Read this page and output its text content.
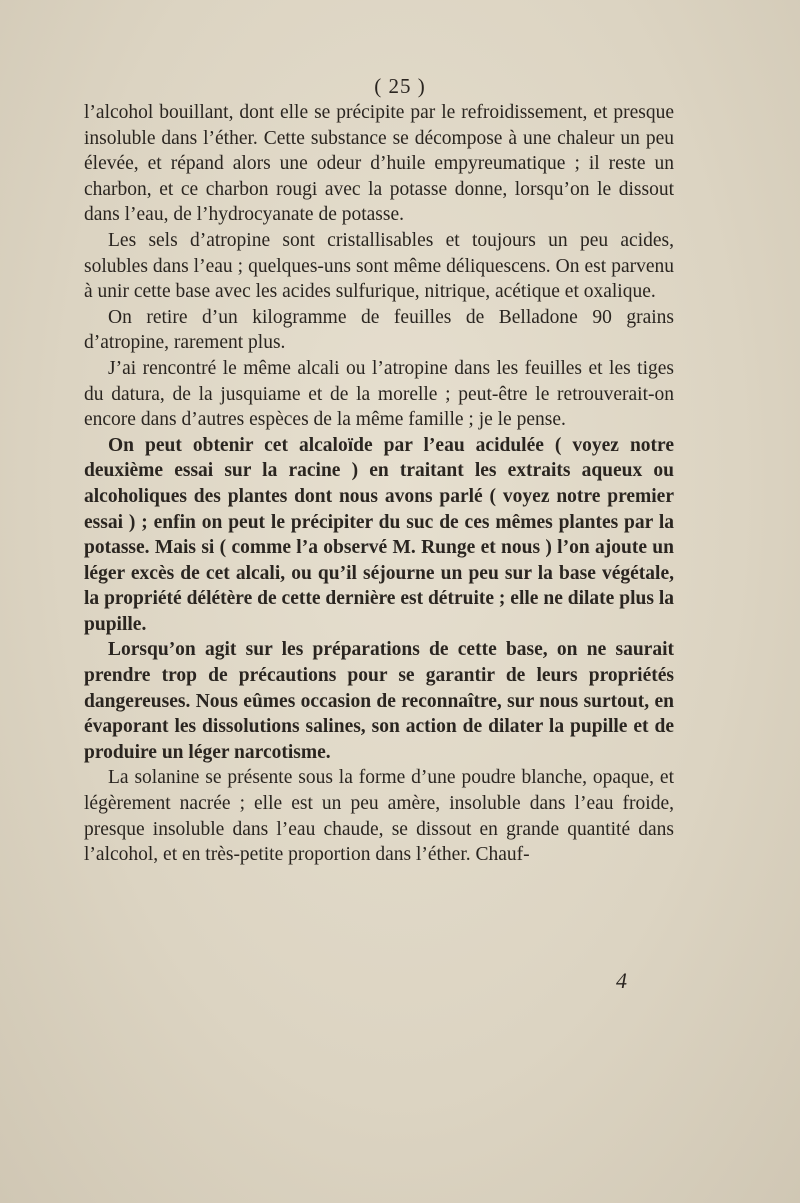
( 25 )

l’alcohol bouillant, dont elle se précipite par le refroidissement, et presque insoluble dans l’éther. Cette substance se décompose à une chaleur un peu élevée, et répand alors une odeur d’huile empyreumatique ; il reste un charbon, et ce charbon rougi avec la potasse donne, lorsqu’on le dissout dans l’eau, de l’hydrocyanate de potasse.

Les sels d’atropine sont cristallisables et toujours un peu acides, solubles dans l’eau ; quelques-uns sont même déliquescens. On est parvenu à unir cette base avec les acides sulfurique, nitrique, acétique et oxalique.

On retire d’un kilogramme de feuilles de Belladone 90 grains d’atropine, rarement plus.

J’ai rencontré le même alcali ou l’atropine dans les feuilles et les tiges du datura, de la jusquiame et de la morelle ; peut-être le retrouverait-on encore dans d’autres espèces de la même famille ; je le pense.

On peut obtenir cet alcaloïde par l’eau acidulée ( voyez notre deuxième essai sur la racine ) en traitant les extraits aqueux ou alcoholiques des plantes dont nous avons parlé ( voyez notre premier essai ) ; enfin on peut le précipiter du suc de ces mêmes plantes par la potasse. Mais si ( comme l’a observé M. Runge et nous ) l’on ajoute un léger excès de cet alcali, ou qu’il séjourne un peu sur la base végétale, la propriété délétère de cette dernière est détruite ; elle ne dilate plus la pupille.

Lorsqu’on agit sur les préparations de cette base, on ne saurait prendre trop de précautions pour se garantir de leurs propriétés dangereuses. Nous eûmes occasion de reconnaître, sur nous surtout, en évaporant les dissolutions salines, son action de dilater la pupille et de produire un léger narcotisme.

La solanine se présente sous la forme d’une poudre blanche, opaque, et légèrement nacrée ; elle est un peu amère, insoluble dans l’eau froide, presque insoluble dans l’eau chaude, se dissout en grande quantité dans l’alcohol, et en très-petite proportion dans l’éther. Chauf-

4
